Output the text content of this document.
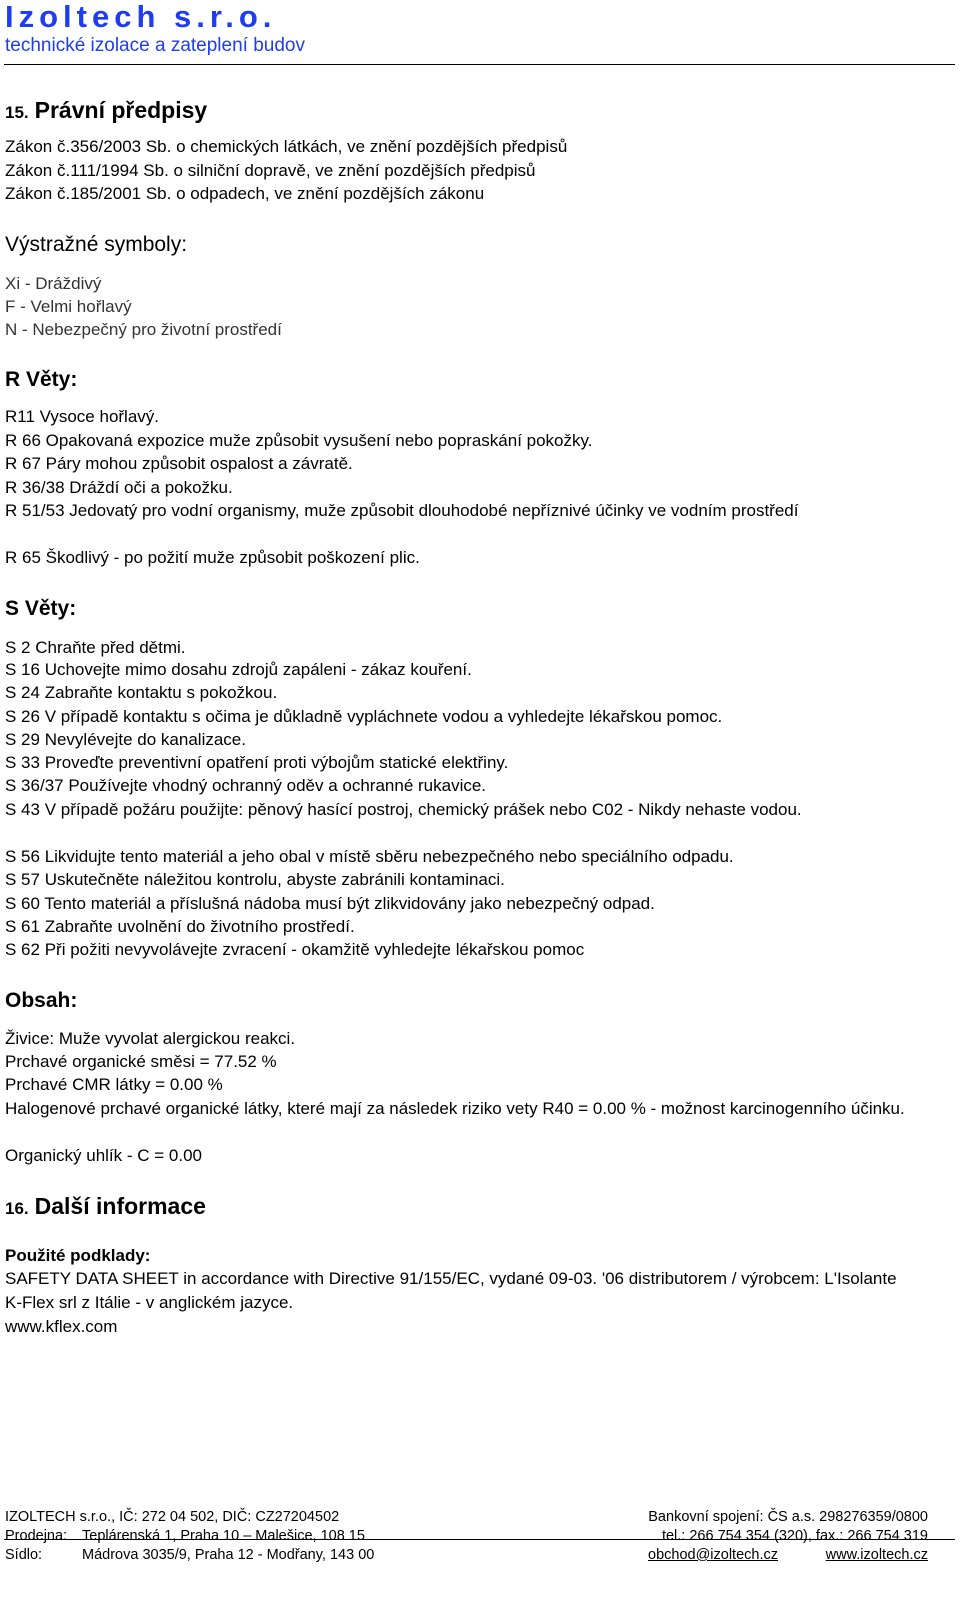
Izoltech s.r.o.
technické izolace a zateplení budov
15. Právní předpisy
Zákon č.356/2003 Sb. o chemických látkách, ve znění pozdějších předpisů
Zákon č.111/1994 Sb. o silniční dopravě, ve znění pozdějších předpisů
Zákon č.185/2001 Sb. o odpadech, ve znění pozdějších zákonu
Výstražné symboly:
Xi - Dráždivý
F - Velmi hořlavý
N - Nebezpečný pro životní prostředí
R Věty:
R11 Vysoce hořlavý.
R 66 Opakovaná expozice muže způsobit vysušení nebo popraskání pokožky.
R 67 Páry mohou způsobit ospalost a závratě.
R 36/38 Dráždí oči a pokožku.
R 51/53 Jedovatý pro vodní organismy, muže způsobit dlouhodobé nepříznivé účinky ve vodním prostředí
R 65 Škodlivý - po požití muže způsobit poškození plic.
S Věty:
S 2 Chraňte před dětmi.
S 16 Uchovejte mimo dosahu zdrojů zapáleni - zákaz kouření.
S 24 Zabraňte kontaktu s pokožkou.
S 26 V případě kontaktu s očima je důkladně vypláchnete vodou a vyhledejte lékařskou pomoc.
S 29 Nevylévejte do kanalizace.
S 33 Proveďte preventivní opatření proti výbojům statické elektřiny.
S 36/37 Používejte vhodný ochranný oděv a ochranné rukavice.
S 43 V případě požáru použijte: pěnový hasící postroj, chemický prášek nebo C02 - Nikdy nehaste vodou.
S 56 Likvidujte tento materiál a jeho obal v místě sběru nebezpečného nebo speciálního odpadu.
S 57 Uskutečněte náležitou kontrolu, abyste zabránili kontaminaci.
S 60 Tento materiál a příslušná nádoba musí být zlikvidovány jako nebezpečný odpad.
S 61 Zabraňte uvolnění do životního prostředí.
S 62 Při požiti nevyvolávejte zvracení - okamžitě vyhledejte lékařskou pomoc
Obsah:
Živice: Muže vyvolat alergickou reakci.
Prchavé organické směsi = 77.52 %
Prchavé CMR látky = 0.00 %
Halogenové prchavé organické látky, které mají za následek riziko vety R40 = 0.00 % - možnost karcinogenního účinku.
Organický uhlík - C = 0.00
16. Další informace
Použité podklady:
SAFETY DATA SHEET in accordance with Directive 91/155/EC, vydané 09-03. '06 distributorem / výrobcem: L'Isolante K-Flex srl z Itálie - v anglickém jazyce.
www.kflex.com
IZOLTECH s.r.o., IČ: 272 04 502, DIČ: CZ27204502
Prodejna: Teplárenská 1, Praha 10 – Malešice, 108 15
Sídlo:	Mádrova 3035/9, Praha 12 - Modřany, 143 00
Bankovní spojení: ČS a.s. 298276359/0800
tel.: 266 754 354 (320), fax.: 266 754 319
obchod@izoltech.cz	www.izoltech.cz
